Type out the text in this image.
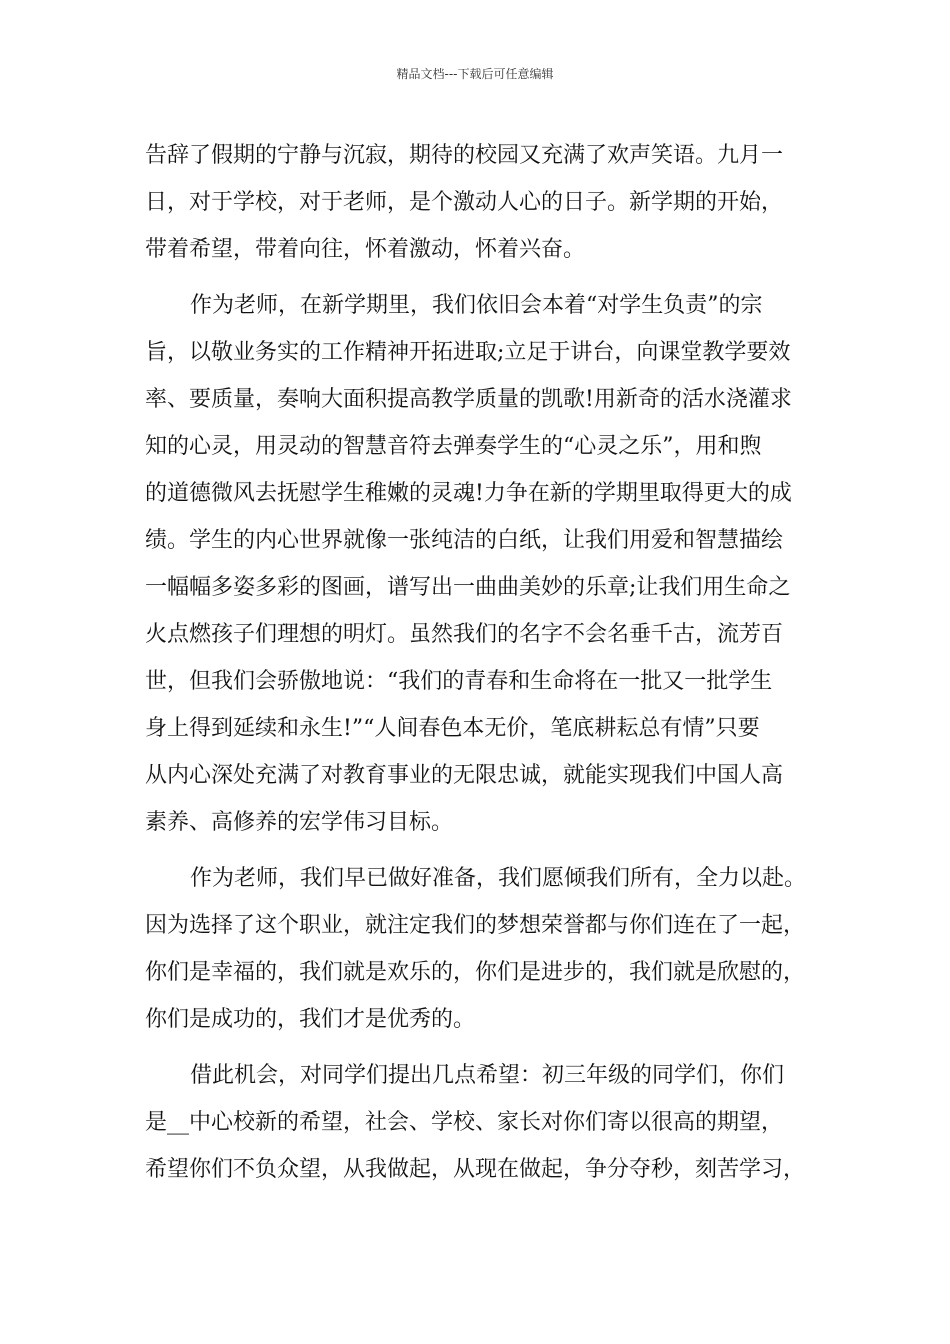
精品文档---下载后可任意编辑
告辞了假期的宁静与沉寂，期待的校园又充满了欢声笑语。九月一
日，对于学校，对于老师，是个激动人心的日子。新学期的开始，
带着希望，带着向往，怀着激动，怀着兴奋。
作为老师，在新学期里，我们依旧会本着“对学生负责”的宗
旨，以敬业务实的工作精神开拓进取;立足于讲台，向课堂教学要效
率、要质量，奏响大面积提高教学质量的凯歌!用新奇的活水浇灌求
知的心灵，用灵动的智慧音符去弹奏学生的“心灵之乐”，用和煦
的道德微风去抚慰学生稚嫩的灵魂!力争在新的学期里取得更大的成
绩。学生的内心世界就像一张纯洁的白纸，让我们用爱和智慧描绘
一幅幅多姿多彩的图画，谱写出一曲曲美妙的乐章;让我们用生命之
火点燃孩子们理想的明灯。虽然我们的名字不会名垂千古，流芳百
世，但我们会骄傲地说：“我们的青春和生命将在一批又一批学生
身上得到延续和永生!”“人间春色本无价，笔底耕耘总有情”只要
从内心深处充满了对教育事业的无限忠诚，就能实现我们中国人高
素养、高修养的宏学伟习目标。
作为老师，我们早已做好准备，我们愿倾我们所有，全力以赴。
因为选择了这个职业，就注定我们的梦想荣誉都与你们连在了一起，
你们是幸福的，我们就是欢乐的，你们是进步的，我们就是欣慰的，
你们是成功的，我们才是优秀的。
借此机会，对同学们提出几点希望：初三年级的同学们，你们
是__中心校新的希望，社会、学校、家长对你们寄以很高的期望，
希望你们不负众望，从我做起，从现在做起，争分夺秒，刻苦学习，
